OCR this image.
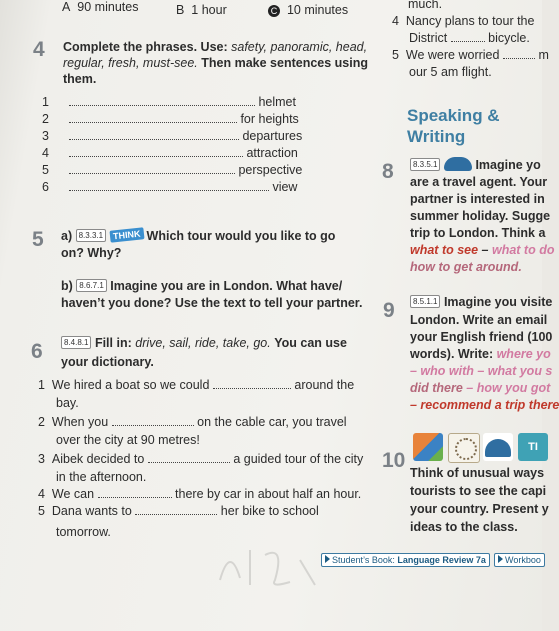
A 90 minutes	B 1 hour	C 10 minutes
4 Complete the phrases. Use: safety, panoramic, head,
regular, fresh, must-see. Then make sentences using
them.
1	helmet
2	for heights
3	departures
4	attraction
5	perspective
6	view
5 a) 8.3.3.1 THINK Which tour would you like to go
on? Why?
b) 8.6.7.1 Imagine you are in London. What have/
haven’t you done? Use the text to tell your partner.
6	8.4.8.1 Fill in: drive, sail, ride, take, go. You can use
your dictionary.
1 We hired a boat so we could	around the
bay.
2 When you	on the cable car, you travel
over the city at 90 metres!
3 Aibek decided to	a guided tour of the city
in the afternoon.
4 We can	there by car in about half an hour.
5 Dana wants to	her bike to school
tomorrow.
much.
4 Nancy plans to tour the
District	bicycle.
5 We were worried	m
our 5 am flight.
Speaking &
Writing
8	8.3.5.1	Imagine yo
are a travel agent. Your
partner is interested in
summer holiday. Sugge
trip to London. Think a
what to see – what to do
how to get around.
9	8.5.1.1 Imagine you visite
London. Write an email
your English friend (100
words). Write: where yo
– who with – what you s
did there – how you got
– recommend a trip there
10
TI
Think of unusual ways
tourists to see the capi
your country. Present y
ideas to the class.
Student’s Book: Language Review 7a	Workboo
